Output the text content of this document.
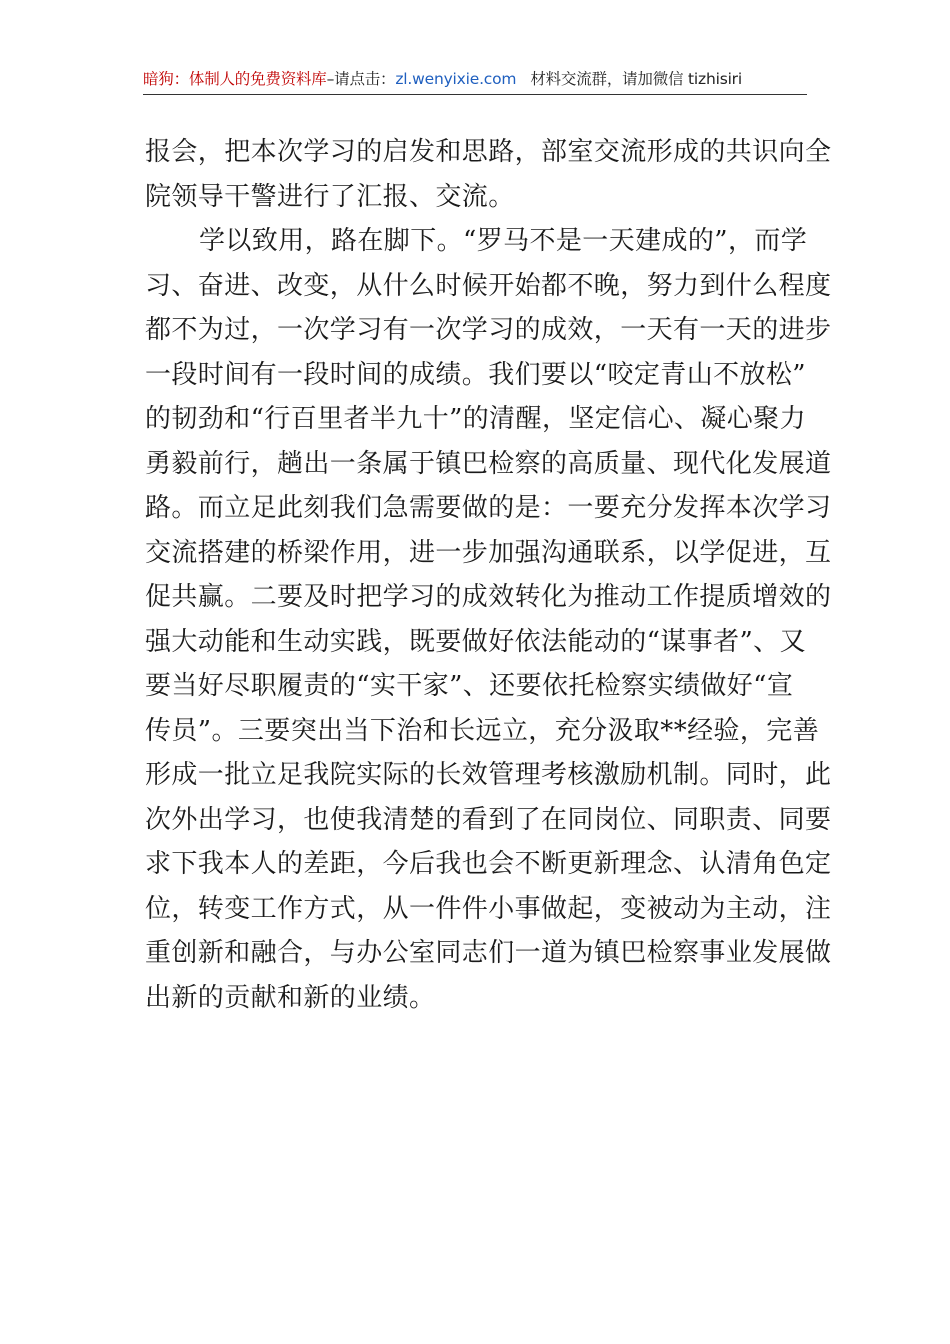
暗狗：体制人的免费资料库–请点击：zl.wenyixie.com 材料交流群，请加微信 tizhisiri
报会，把本次学习的启发和思路，部室交流形成的共识向全
院领导干警进行了汇报、交流。
学以致用，路在脚下。“罗马不是一天建成的”，而学
习、奋进、改变，从什么时候开始都不晚，努力到什么程度
都不为过，一次学习有一次学习的成效，一天有一天的进步
一段时间有一段时间的成绩。我们要以“咬定青山不放松”
的韧劲和“行百里者半九十”的清醒，坚定信心、凝心聚力
勇毅前行，趟出一条属于镇巴检察的高质量、现代化发展道
路。而立足此刻我们急需要做的是：一要充分发挥本次学习
交流搭建的桥梁作用，进一步加强沟通联系，以学促进，互
促共赢。二要及时把学习的成效转化为推动工作提质增效的
强大动能和生动实践，既要做好依法能动的“谋事者”、又
要当好尽职履责的“实干家”、还要依托检察实绩做好“宣
传员”。三要突出当下治和长远立，充分汲取**经验，完善
形成一批立足我院实际的长效管理考核激励机制。同时，此
次外出学习，也使我清楚的看到了在同岗位、同职责、同要
求下我本人的差距，今后我也会不断更新理念、认清角色定
位，转变工作方式，从一件件小事做起，变被动为主动，注
重创新和融合，与办公室同志们一道为镇巴检察事业发展做
出新的贡献和新的业绩。
